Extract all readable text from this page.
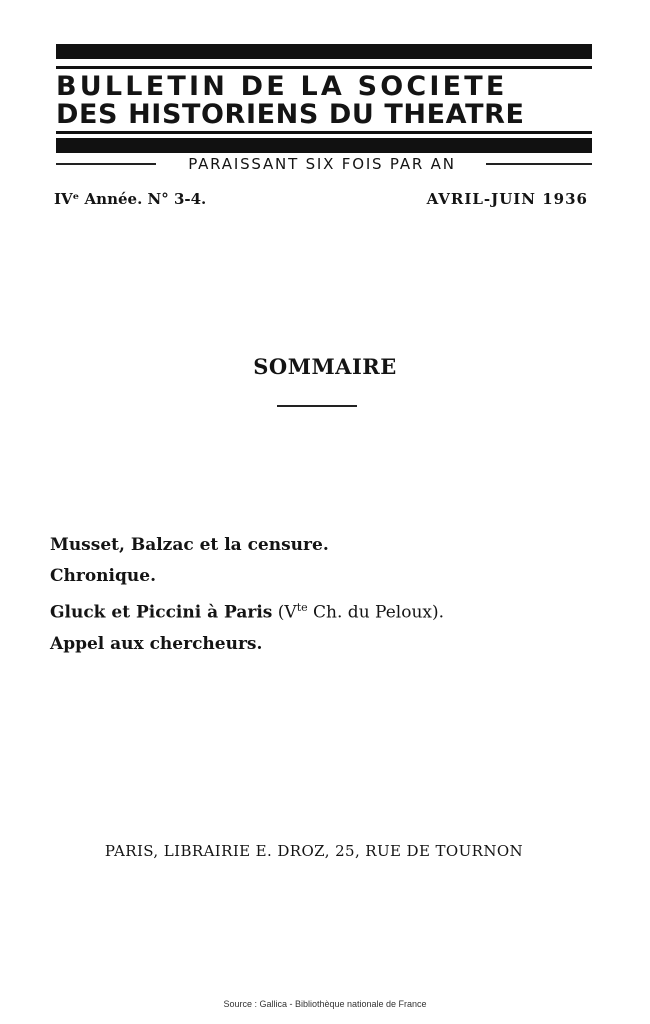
BULLETIN DE LA SOCIETE
DES HISTORIENS DU THEATRE
PARAISSANT SIX FOIS PAR AN
IVᵉ Année. N° 3-4.	AVRIL-JUIN 1936
SOMMAIRE
Musset, Balzac et la censure.
Chronique.
Gluck et Piccini à Paris ($V^{te}$ Ch. du Peloux).
Appel aux chercheurs.
PARIS, LIBRAIRIE E. DROZ, 25, RUE DE TOURNON
Source : Gallica - Bibliothèque nationale de France
